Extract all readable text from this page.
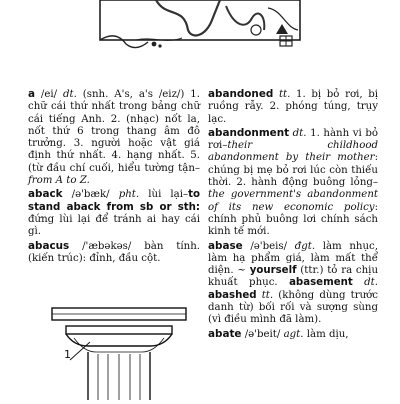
a /ei/ dt. (snh. A's, a's /eiz/) 1. chữ cái thứ nhất trong bảng chữ cái tiếng Anh. 2. (nhạc) nốt la, nốt thứ 6 trong thang âm đô trưởng. 3. người hoặc vật giá định thứ nhất. 4. hạng nhất. 5. (từ đầu chí cuối, hiểu tường tận–from A to Z.
aback /ə'bæk/ pht. lùi lại–to stand aback from sb or sth: đứng lùi lại để tránh ai hay cái gì.
abacus /'æbəkəs/ bàn tính. (kiến trúc): đỉnh, đầu cột.
1
abandoned tt. 1. bị bỏ rơi, bị ruồng rẫy. 2. phóng túng, trụy lạc.
abandonment dt. 1. hành vi bỏ rơi–their childhood abandonment by their mother: chúng bị mẹ bỏ rơi lúc còn thiếu thời. 2. hành động buông lỏng–the government's abandonment of its new economic policy: chính phủ buông lơi chính sách kinh tế mới.
abase /ə'beis/ đgt. làm nhục, làm hạ phẩm giá, làm mất thể diện. ~ yourself (ttr.) tỏ ra chịu khuất phục. abasement dt. abashed tt. (không dùng trước danh từ) bối rối và sượng sùng (vì điều mình đã làm).
abate /ə'beit/ agt. làm dịu,
